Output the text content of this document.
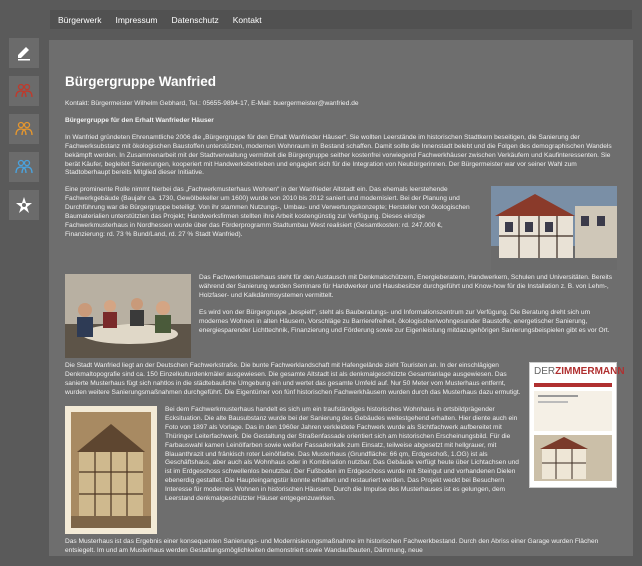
Bürgerwerk Impressum Datenschutz Kontakt
Bürgergruppe Wanfried

Kontakt: Bürgermeister Wilhelm Gebhard, Tel.: 05655-9894-17, E-Mail: buergermeister@wanfried.de

Bürgergruppe für den Erhalt Wanfrieder Häuser

In Wanfried gründeten Ehrenamtliche 2006 die „Bürgergruppe für den Erhalt Wanfrieder Häuser“. Sie wollten Leerstände im historischen Stadtkern beseitigen, die Sanierung der Fachwerksubstanz mit ökologischen Baustoffen unterstützen, modernen Wohnraum im Bestand schaffen. Damit sollte die Innenstadt belebt und die Folgen des demographischen Wandels bekämpft werden. In Zusammenarbeit mit der Stadtverwaltung vermittelt die Bürgergruppe seither kostenfrei vorwiegend Fachwerkhäuser zwischen Verkäufern und Kaufinteressenten. Sie berät Käufer, begleitet Sanierungen, kooperiert mit Handwerksbetrieben und engagiert sich für die Integration von Neubürgerinnen. Der Bürgermeister war vor seiner Wahl zum Stadtoberhaupt bereits Mitglied dieser Initiative.

Eine prominente Rolle nimmt hierbei das „Fachwerkmusterhaus Wohnen“ in der Wanfrieder Altstadt ein. Das ehemals leerstehende Fachwerkgebäude (Baujahr ca. 1730, Gewölbekeller um 1600) wurde von 2010 bis 2012 saniert und modernisiert. Bei der Planung und Durchführung war die Bürgergruppe beteiligt. Von ihr stammen Nutzungs-, Umbau- und Verwertungskonzepte; Hersteller von ökologischen Baumaterialien unterstützten das Projekt; Handwerksfirmen stellten ihre Arbeit kostengünstig zur Verfügung. Dieses einzige Fachwerkmusterhaus in Nordhessen wurde über das Förderprogramm Stadtumbau West realisiert (Gesamtkosten: rd. 247.000 €, Finanzierung: rd. 73 % Bund/Land, rd. 27 % Stadt Wanfried).

Das Fachwerkmusterhaus steht für den Austausch mit Denkmalschützern, Energieberatern, Handwerkern, Schulen und Universitäten. Bereits während der Sanierung wurden Seminare für Handwerker und Hausbesitzer durchgeführt und Know-how für die Installation z. B. von Lehm-, Holzfaser- und Kalkdämmsystemen vermittelt.

Es wird von der Bürgergruppe „bespielt“, steht als Bauberatungs- und Informationszentrum zur Verfügung. Die Beratung dreht sich um modernes Wohnen in alten Häusern, Vorschläge zu Barrierefreiheit, ökologischer/wohngesunder Baustoffe, energetischer Sanierung, energiesparender Lichttechnik, Finanzierung und Förderung sowie zur Eigenleistung mitdazugehörigen Sanierungsbeispielen gibt es vor Ort.

DERZIMMERMANN

Die Stadt Wanfried liegt an der Deutschen Fachwerkstraße. Die bunte Fachwerklandschaft mit Hafengelände zieht Touristen an. In der einschlägigen Denkmaltopografie sind ca. 150 Einzelkulturdenkmäler ausgewiesen. Die gesamte Altstadt ist als denkmalgeschützte Gesamtanlage ausgewiesen. Das sanierte Musterhaus fügt sich nahtlos in die städtebauliche Umgebung ein und wertet das gesamte Umfeld auf. Nur 50 Meter vom Musterhaus entfernt, wurden weitere Sanierungsmaßnahmen durchgeführt. Die Eigentümer von fünf historischen Fachwerkhäusern wurden durch das Musterhaus dazu ermutigt.

Bei dem Fachwerkmusterhaus handelt es sich um ein traufständiges historisches Wohnhaus in ortsbildprägender Ecksituation. Die alte Bausubstanz wurde bei der Sanierung des Gebäudes weitestgehend erhalten. Hier diente auch ein Foto von 1897 als Vorlage. Das in den 1960er Jahren verkleidete Fachwerk wurde als Sichtfachwerk aufbereitet mit Thüringer Leiterfachwerk. Die Gestaltung der Straßenfassade orientiert sich am historischen Erscheinungsbild. Für die Farbauswahl kamen Leinölfarben sowie weißer Fassadenkalk zum Einsatz, teilweise abgesetzt mit hellgrauer, mit Blauanthrazit und fränkisch roter Leinölfarbe. Das Musterhaus (Grundfläche: 66 qm, Erdgeschoß, 1.OG) ist als Geschäftshaus, aber auch als Wohnhaus oder in Kombination nutzbar. Das Gebäude verfügt heute über Lichtachsen und ist im Erdgeschoss schwellenlos benutzbar. Der Fußboden im Erdgeschoss wurde mit Steingut und vorhandenen Dielen ebenerdig gestaltet. Die Haupteingangstür konnte erhalten und restauriert werden. Das Projekt weckt bei Besuchern Interesse für modernes Wohnen in historischen Häusern. Durch die Impulse des Musterhauses ist es gelungen, dem Leerstand denkmalgeschützter Häuser entgegenzuwirken.

Das Musterhaus ist das Ergebnis einer konsequenten Sanierungs- und Modernisierungsmaßnahme im historischen Fachwerkbestand. Durch den Abriss einer Garage wurden Flächen entsiegelt. Im und am Musterhaus werden Gestaltungsmöglichkeiten demonstriert sowie Wandaufbauten, Dämmung, neue
